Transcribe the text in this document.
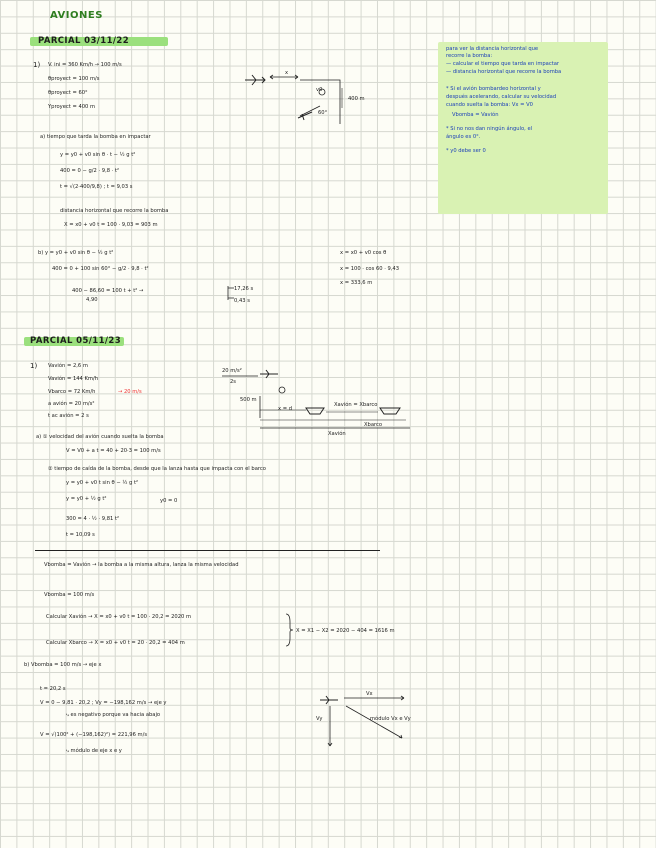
AVIONES
PARCIAL 03/11/22
1) V. ini = 360 Km/h → 100 m/s
θproyect = 100 m/s
θproyect = 60°
Yproyect = 400 m
x
v0
400 m
60°
a) tiempo que tarda la bomba en impactar
y = y0 + v0 sin θ · t − ½ g t²
400 = 0 − g/2 · 9,8 · t²
t = √(2·400/9,8) ; t = 9,03 s
distancia horizontal que recorre la bomba
X = x0 + v0 t = 100 · 9,03 = 903 m
b) y = y0 + v0 sin θ − ½ g t²
400 = 0 + 100 sin 60° − g/2 · 9,8 · t²
400 − 86,60 = 100 t + t² →
4,90
17,26 s
0,43 s
x = x0 + v0 cos θ
x = 100 · cos 60 · 9,43
x = 333,6 m
para ver la distancia horizontal que
recorre la bomba:
— calcular el tiempo que tarda en impactar
— distancia horizontal que recorre la bomba
* Si el avión bombardeo horizontal y
después acelerando, calcular su velocidad
cuando suelta la bomba: Vx = V0
Vbomba = Vavión
* Si no nos dan ningún ángulo, el
ángulo es 0°.
* y0 debe ser 0
PARCIAL 05/11/23
1) Vavión = 2,6 m
Vavión = 144 Km/h
Vbarco = 72 Km/h	→ 20 m/s
a avión = 20 m/s²
t ac avión = 2 s
20 m/s²
2s
500 m
x = d
Xavión = Xbarco
Xbarco
Xavión
a) ① velocidad del avión cuando suelta la bomba
V = V0 + a t = 40 + 20·3 = 100 m/s
② tiempo de caída de la bomba, desde que la lanza hasta que impacta con el barco
y = y0 + v0 t sin θ − ½ g t²
y = y0 + ½ g t²	y0 = 0
300 = 4 · ½ · 9,81 t²
t = 10,09 s
Vbomba = Vavión → la bomba a la misma altura, lanza la misma velocidad
Vbomba = 100 m/s
Calcular Xavión → X = x0 + v0 t = 100 · 20,2 = 2020 m
Calcular Xbarco → X = x0 + v0 t = 20 · 20,2 = 404 m
X = X1 − X2 = 2020 − 404 = 1616 m
b) Vbomba = 100 m/s → eje x
t = 20,2 s
V = 0 − 9,81 · 20,2 ; Vy = −198,162 m/s → eje y
⤷ es negativo porque va hacia abajo
V = √(100² + (−198,162)²) = 221,96 m/s
⤷ módulo de eje x e y
Vx
Vy	módulo Vx e Vy
